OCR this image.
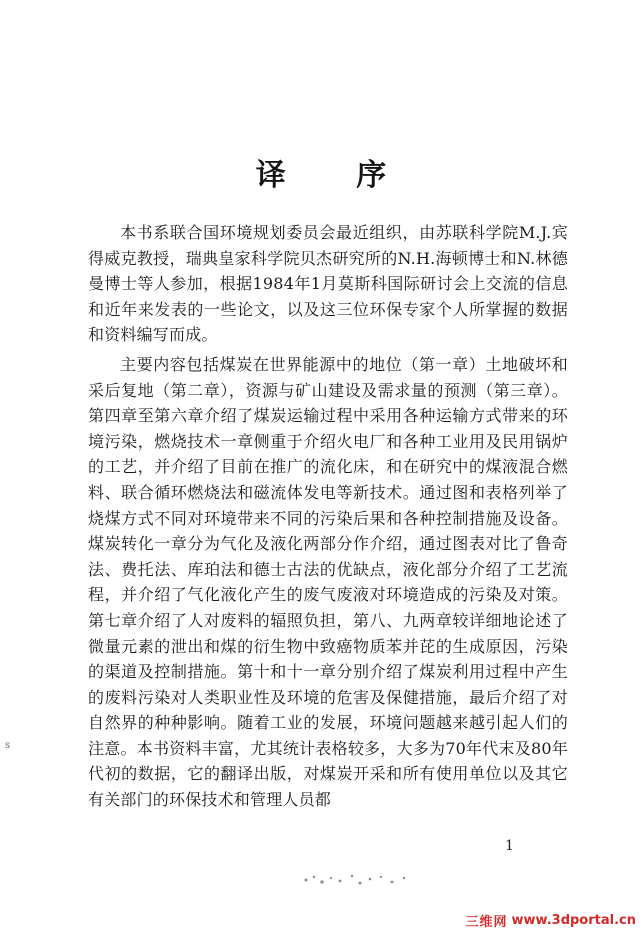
译 序

本书系联合国环境规划委员会最近组织，由苏联科学院M.J.宾得威克教授，瑞典皇家科学院贝杰研究所的N.H.海顿博士和N.林德曼博士等人参加，根据1984年1月莫斯科国际研讨会上交流的信息和近年来发表的一些论文，以及这三位环保专家个人所掌握的数据和资料编写而成。

主要内容包括煤炭在世界能源中的地位（第一章）土地破坏和采后复地（第二章），资源与矿山建设及需求量的预测（第三章）。第四章至第六章介绍了煤炭运输过程中采用各种运输方式带来的环境污染，燃烧技术一章侧重于介绍火电厂和各种工业用及民用锅炉的工艺，并介绍了目前在推广的流化床，和在研究中的煤液混合燃料、联合循环燃烧法和磁流体发电等新技术。通过图和表格列举了烧煤方式不同对环境带来不同的污染后果和各种控制措施及设备。煤炭转化一章分为气化及液化两部分作介绍，通过图表对比了鲁奇法、费托法、库珀法和德士古法的优缺点，液化部分介绍了工艺流程，并介绍了气化液化产生的废气废液对环境造成的污染及对策。第七章介绍了人对废料的辐照负担，第八、九两章较详细地论述了微量元素的泄出和煤的衍生物中致癌物质苯并芘的生成原因，污染的渠道及控制措施。第十和十一章分别介绍了煤炭利用过程中产生的废料污染对人类职业性及环境的危害及保健措施，最后介绍了对自然界的种种影响。随着工业的发展，环境问题越来越引起人们的注意。本书资料丰富，尤其统计表格较多，大多为70年代末及80年代初的数据，它的翻译出版，对煤炭开采和所有使用单位以及其它有关部门的环保技术和管理人员都

s
1
三维网 www.3dportal.cn
